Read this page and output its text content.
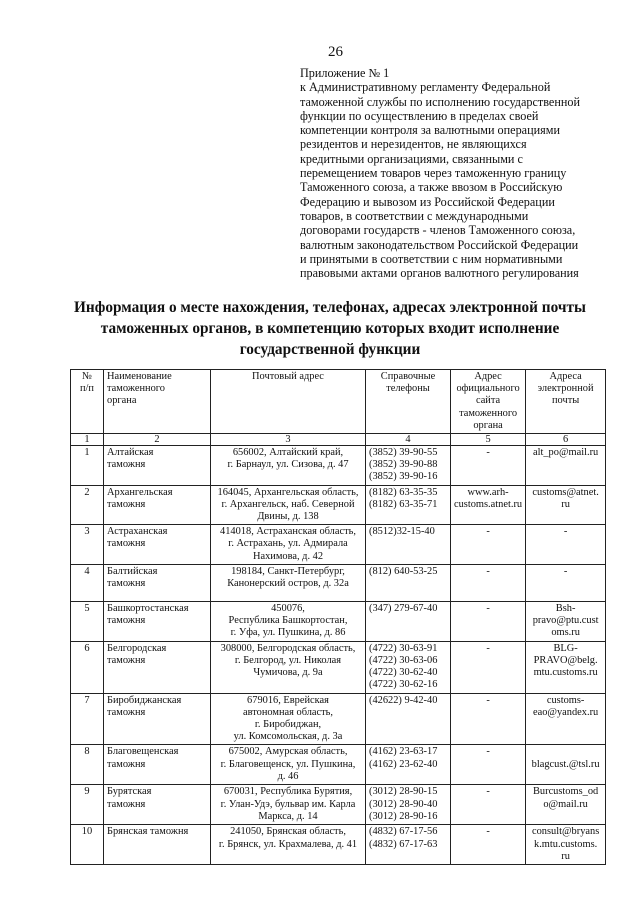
26
Приложение № 1
к Административному регламенту Федеральной
таможенной службы по исполнению государственной
функции по осуществлению в пределах своей
компетенции контроля за валютными операциями
резидентов и нерезидентов, не являющихся
кредитными организациями, связанными с
перемещением товаров через таможенную границу
Таможенного союза, а также ввозом в Российскую
Федерацию и вывозом из Российской Федерации
товаров, в соответствии с международными
договорами государств - членов Таможенного союза,
валютным законодательством Российской Федерации
и принятыми в соответствии с ним нормативными
правовыми актами органов валютного регулирования
Информация о месте нахождения, телефонах, адресах электронной почты
таможенных органов, в компетенцию которых входит исполнение
государственной функции
№
п/п	Наименование
таможенного
органа	Почтовый адрес	Справочные
телефоны	Адрес
официального
сайта
таможенного
органа	Адреса
электронной
почты
1	2	3	4	5	6
1	Алтайская
таможня	656002, Алтайский край,
г. Барнаул, ул. Сизова, д. 47	(3852) 39-90-55
(3852) 39-90-88
(3852) 39-90-16	-	alt_po@mail.ru
2	Архангельская
таможня	164045, Архангельская область,
г. Архангельск, наб. Северной
Двины, д. 138	(8182) 63-35-35
(8182) 63-35-71	www.arh-
customs.atnet.ru	customs@atnet.
ru
3	Астраханская
таможня	414018, Астраханская область,
г. Астрахань, ул. Адмирала
Нахимова, д. 42	(8512)32-15-40	-	-
4	Балтийская
таможня	198184, Санкт-Петербург,
Канонерский остров, д. 32а	(812) 640-53-25	-	-
5	Башкортостанская
таможня	450076,
Республика Башкортостан,
г. Уфа, ул. Пушкина, д. 86	(347) 279-67-40	-	Bsh-
pravo@ptu.cust
oms.ru
6	Белгородская
таможня	308000, Белгородская область,
г. Белгород, ул. Николая
Чумичова, д. 9а	(4722) 30-63-91
(4722) 30-63-06
(4722) 30-62-40
(4722) 30-62-16	-	BLG-
PRAVO@belg.
mtu.customs.ru
7	Биробиджанская
таможня	679016, Еврейская
автономная область,
г. Биробиджан,
ул. Комсомольская, д. 3а	(42622) 9-42-40	-	customs-
eao@yandex.ru
8	Благовещенская
таможня	675002, Амурская область,
г. Благовещенск, ул. Пушкина,
д. 46	(4162) 23-63-17
(4162) 23-62-40	-	
blagcust.@tsl.ru
9	Бурятская
таможня	670031, Республика Бурятия,
г. Улан-Удэ, бульвар им. Карла
Маркса, д. 14	(3012) 28-90-15
(3012) 28-90-40
(3012) 28-90-16	-	Burcustoms_od
o@mail.ru
10	Брянская таможня	241050, Брянская область,
г. Брянск, ул. Крахмалева, д. 41	(4832) 67-17-56
(4832) 67-17-63	-	consult@bryans
k.mtu.customs.
ru
